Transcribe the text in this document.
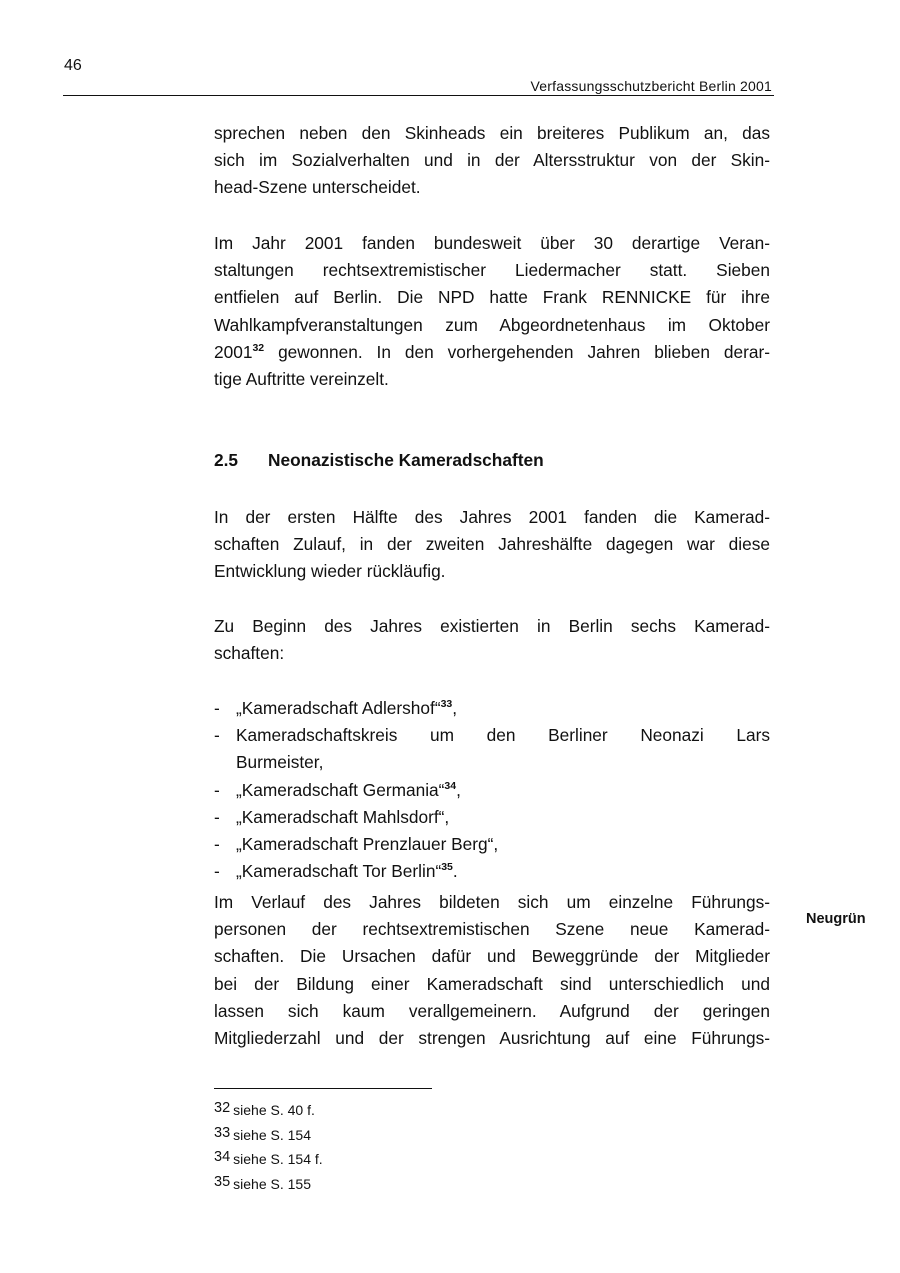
46
Verfassungsschutzbericht Berlin 2001
sprechen neben den Skinheads ein breiteres Publikum an, das
sich im Sozialverhalten und in der Altersstruktur von der Skin-
head-Szene unterscheidet.
Im Jahr 2001 fanden bundesweit über 30 derartige Veran-
staltungen rechtsextremistischer Liedermacher statt. Sieben
entfielen auf Berlin. Die NPD hatte Frank RENNICKE für ihre
Wahlkampfveranstaltungen zum Abgeordnetenhaus im Oktober
2001$^{32}$ gewonnen. In den vorhergehenden Jahren blieben derar-
tige Auftritte vereinzelt.
2.5 Neonazistische Kameradschaften
In der ersten Hälfte des Jahres 2001 fanden die Kamerad-
schaften Zulauf, in der zweiten Jahreshälfte dagegen war diese
Entwicklung wieder rückläufig.
Zu Beginn des Jahres existierten in Berlin sechs Kamerad-
schaften:
- „Kameradschaft Adlershof“$^{33}$,
- Kameradschaftskreis um den Berliner Neonazi Lars
Burmeister,
- „Kameradschaft Germania“$^{34}$,
- „Kameradschaft Mahlsdorf“,
- „Kameradschaft Prenzlauer Berg“,
- „Kameradschaft Tor Berlin“$^{35}$.
Im Verlauf des Jahres bildeten sich um einzelne Führungs-
personen der rechtsextremistischen Szene neue Kamerad-
schaften. Die Ursachen dafür und Beweggründe der Mitglieder
bei der Bildung einer Kameradschaft sind unterschiedlich und
lassen sich kaum verallgemeinern. Aufgrund der geringen
Mitgliederzahl und der strengen Ausrichtung auf eine Führungs-
Neugrün
32 siehe S. 40 f.
33 siehe S. 154
34 siehe S. 154 f.
35 siehe S. 155
